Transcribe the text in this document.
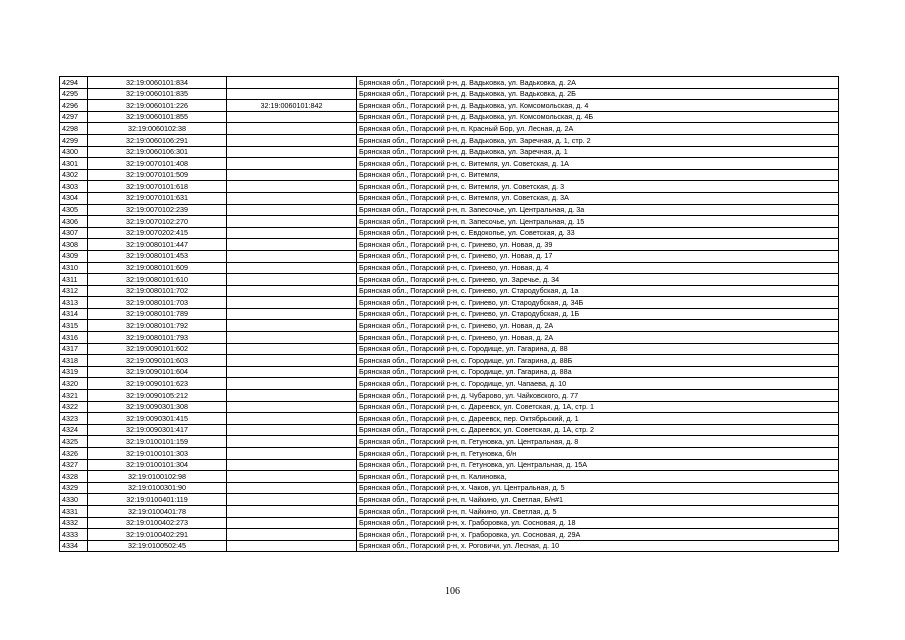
4294	32:19:0060101:834		Брянская обл., Погарский р-н, д. Вадьковка, ул. Вадьковка, д. 2А
4295	32:19:0060101:835		Брянская обл., Погарский р-н, д. Вадьковка, ул. Вадьковка, д. 2Б
4296	32:19:0060101:226	32:19:0060101:842	Брянская обл., Погарский р-н, д. Вадьковка, ул. Комсомольская, д. 4
4297	32:19:0060101:855		Брянская обл., Погарский р-н, д. Вадьковка, ул. Комсомольская, д. 4Б
4298	32:19:0060102:38		Брянская обл., Погарский р-н, п. Красный Бор, ул. Лесная, д. 2А
4299	32:19:0060106:291		Брянская обл., Погарский р-н, д. Вадьковка, ул. Заречная, д. 1, стр. 2
4300	32:19:0060106:301		Брянская обл., Погарский р-н, д. Вадьковка, ул. Заречная, д. 1
4301	32:19:0070101:408		Брянская обл., Погарский р-н, с. Витемля, ул. Советская, д. 1А
4302	32:19:0070101:509		Брянская обл., Погарский р-н, с. Витемля,
4303	32:19:0070101:618		Брянская обл., Погарский р-н, с. Витемля, ул. Советская, д. 3
4304	32:19:0070101:631		Брянская обл., Погарский р-н, с. Витемля, ул. Советская, д. 3А
4305	32:19:0070102:239		Брянская обл., Погарский р-н, п. Запесочье, ул. Центральная, д. 3а
4306	32:19:0070102:270		Брянская обл., Погарский р-н, п. Запесочье, ул. Центральная, д. 15
4307	32:19:0070202:415		Брянская обл., Погарский р-н, с. Евдокопье, ул. Советская, д. 33
4308	32:19:0080101:447		Брянская обл., Погарский р-н, с. Гринево, ул. Новая, д. 39
4309	32:19:0080101:453		Брянская обл., Погарский р-н, с. Гринево, ул. Новая, д. 17
4310	32:19:0080101:609		Брянская обл., Погарский р-н, с. Гринево, ул. Новая, д. 4
4311	32:19:0080101:610		Брянская обл., Погарский р-н, с. Гринево, ул. Заречье, д. 34
4312	32:19:0080101:702		Брянская обл., Погарский р-н, с. Гринево, ул. Стародубская, д. 1а
4313	32:19:0080101:703		Брянская обл., Погарский р-н, с. Гринево, ул. Стародубская, д. 34Б
4314	32:19:0080101:789		Брянская обл., Погарский р-н, с. Гринево, ул. Стародубская, д. 1Б
4315	32:19:0080101:792		Брянская обл., Погарский р-н, с. Гринево, ул. Новая, д. 2А
4316	32:19:0080101:793		Брянская обл., Погарский р-н, с. Гринево, ул. Новая, д. 2А
4317	32:19:0090101:602		Брянская обл., Погарский р-н, с. Городище, ул. Гагарина, д. 88
4318	32:19:0090101:603		Брянская обл., Погарский р-н, с. Городище, ул. Гагарина, д. 88Б
4319	32:19:0090101:604		Брянская обл., Погарский р-н, с. Городище, ул. Гагарина, д. 88а
4320	32:19:0090101:623		Брянская обл., Погарский р-н, с. Городище, ул. Чапаева, д. 10
4321	32:19:0090105:212		Брянская обл., Погарский р-н, д. Чубарово, ул. Чайковского, д. 77
4322	32:19:0090301:308		Брянская обл., Погарский р-н, с. Дареевск, ул. Советская, д. 1А, стр. 1
4323	32:19:0090301:415		Брянская обл., Погарский р-н, с. Дареевск, пер. Октябрьский, д. 1
4324	32:19:0090301:417		Брянская обл., Погарский р-н, с. Дареевск, ул. Советская, д. 1А, стр. 2
4325	32:19:0100101:159		Брянская обл., Погарский р-н, п. Гетуновка, ул. Центральная, д. 8
4326	32:19:0100101:303		Брянская обл., Погарский р-н, п. Гетуновка, б/н
4327	32:19:0100101:304		Брянская обл., Погарский р-н, п. Гетуновка, ул. Центральная, д. 15А
4328	32:19:0100102:98		Брянская обл., Погарский р-н, п. Калиновка,
4329	32:19:0100301:90		Брянская обл., Погарский р-н, х. Чаков, ул. Центральная, д. 5
4330	32:19:0100401:119		Брянская обл., Погарский р-н, п. Чайкино, ул. Светлая, Б/н#1
4331	32:19:0100401:78		Брянская обл., Погарский р-н, п. Чайкино, ул. Светлая, д. 5
4332	32:19:0100402:273		Брянская обл., Погарский р-н, х. Граборовка, ул. Сосновая, д. 18
4333	32:19:0100402:291		Брянская обл., Погарский р-н, х. Граборовка, ул. Сосновая, д. 29А
4334	32:19:0100502:45		Брянская обл., Погарский р-н, х. Роговичи, ул. Лесная, д. 10
106
